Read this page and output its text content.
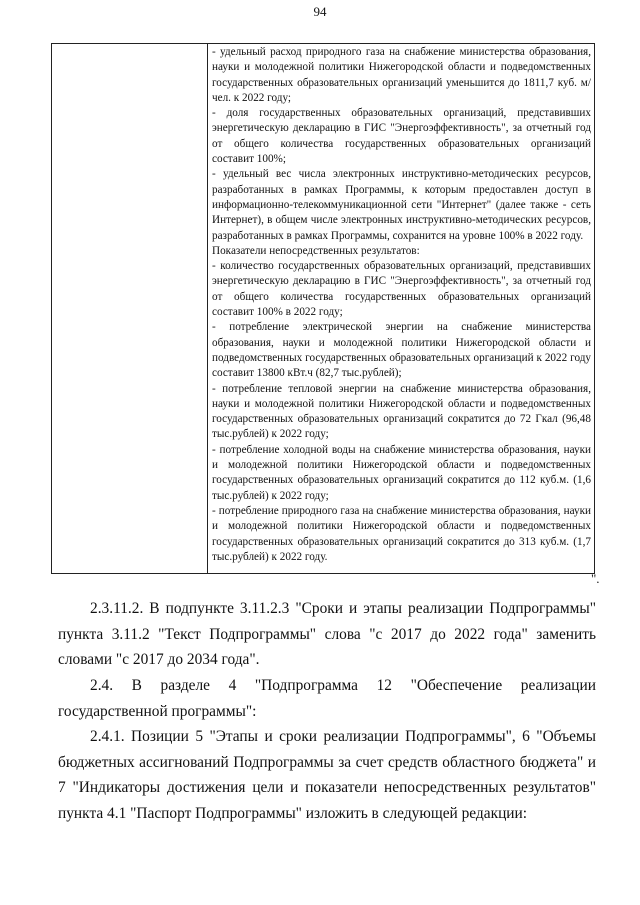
94

- удельный расход природного газа на снабжение министерства образования, науки и молодежной политики Нижегородской области и подведомственных государственных образовательных организаций уменьшится до 1811,7 куб. м/чел. к 2022 году;
- доля государственных образовательных организаций, представивших энергетическую декларацию в ГИС "Энергоэффективность", за отчетный год от общего количества государственных образовательных организаций составит 100%;
- удельный вес числа электронных инструктивно-методических ресурсов, разработанных в рамках Программы, к которым предоставлен доступ в информационно-телекоммуникационной сети "Интернет" (далее также - сеть Интернет), в общем числе электронных инструктивно-методических ресурсов, разработанных в рамках Программы, сохранится на уровне 100% в 2022 году.
Показатели непосредственных результатов:
- количество государственных образовательных организаций, представивших энергетическую декларацию в ГИС "Энергоэффективность", за отчетный год от общего количества государственных образовательных организаций составит 100% в 2022 году;
- потребление электрической энергии на снабжение министерства образования, науки и молодежной политики Нижегородской области и подведомственных государственных образовательных организаций к 2022 году составит 13800 кВт.ч (82,7 тыс.рублей);
- потребление тепловой энергии на снабжение министерства образования, науки и молодежной политики Нижегородской области и подведомственных государственных образовательных организаций сократится до 72 Гкал (96,48 тыс.рублей) к 2022 году;
- потребление холодной воды на снабжение министерства образования, науки и молодежной политики Нижегородской области и подведомственных государственных образовательных организаций сократится до 112 куб.м. (1,6 тыс.рублей) к 2022 году;
- потребление природного газа на снабжение министерства образования, науки и молодежной политики Нижегородской области и подведомственных государственных образовательных организаций сократится до 313 куб.м. (1,7 тыс.рублей) к 2022 году.
".
2.3.11.2. В подпункте 3.11.2.3 "Сроки и этапы реализации Подпрограммы" пункта 3.11.2 "Текст Подпрограммы" слова "с 2017 до 2022 года" заменить словами "с 2017 до 2034 года".
2.4. В разделе 4 "Подпрограмма 12 "Обеспечение реализации государственной программы":
2.4.1. Позиции 5 "Этапы и сроки реализации Подпрограммы", 6 "Объемы бюджетных ассигнований Подпрограммы за счет средств областного бюджета" и 7 "Индикаторы достижения цели и показатели непосредственных результатов" пункта 4.1 "Паспорт Подпрограммы" изложить в следующей редакции:
